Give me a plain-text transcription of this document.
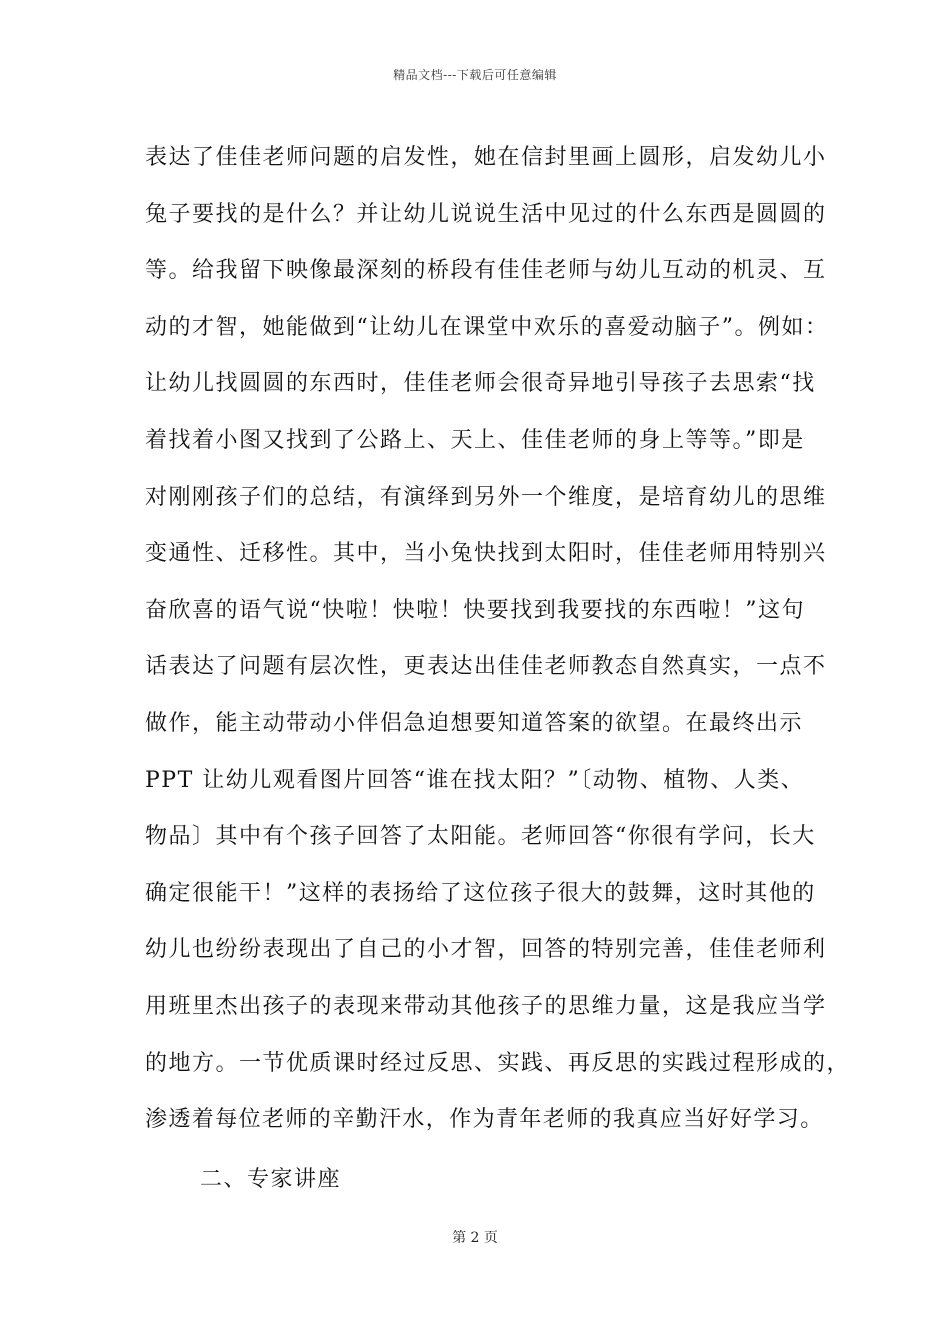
精品文档---下载后可任意编辑
表达了佳佳老师问题的启发性，她在信封里画上圆形，启发幼儿小
兔子要找的是什么？并让幼儿说说生活中见过的什么东西是圆圆的
等。给我留下映像最深刻的桥段有佳佳老师与幼儿互动的机灵、互
动的才智，她能做到“让幼儿在课堂中欢乐的喜爱动脑子”。例如：
让幼儿找圆圆的东西时，佳佳老师会很奇异地引导孩子去思索“找
着找着小图又找到了公路上、天上、佳佳老师的身上等等。”即是
对刚刚孩子们的总结，有演绎到另外一个维度，是培育幼儿的思维
变通性、迁移性。其中，当小兔快找到太阳时，佳佳老师用特别兴
奋欣喜的语气说“快啦！快啦！快要找到我要找的东西啦！”这句
话表达了问题有层次性，更表达出佳佳老师教态自然真实，一点不
做作，能主动带动小伴侣急迫想要知道答案的欲望。在最终出示
PPT 让幼儿观看图片回答“谁在找太阳？”〔动物、植物、人类、
物品〕其中有个孩子回答了太阳能。老师回答“你很有学问，长大
确定很能干！”这样的表扬给了这位孩子很大的鼓舞，这时其他的
幼儿也纷纷表现出了自己的小才智，回答的特别完善，佳佳老师利
用班里杰出孩子的表现来带动其他孩子的思维力量，这是我应当学
的地方。一节优质课时经过反思、实践、再反思的实践过程形成的，
渗透着每位老师的辛勤汗水，作为青年老师的我真应当好好学习。
二、专家讲座
第 2 页
